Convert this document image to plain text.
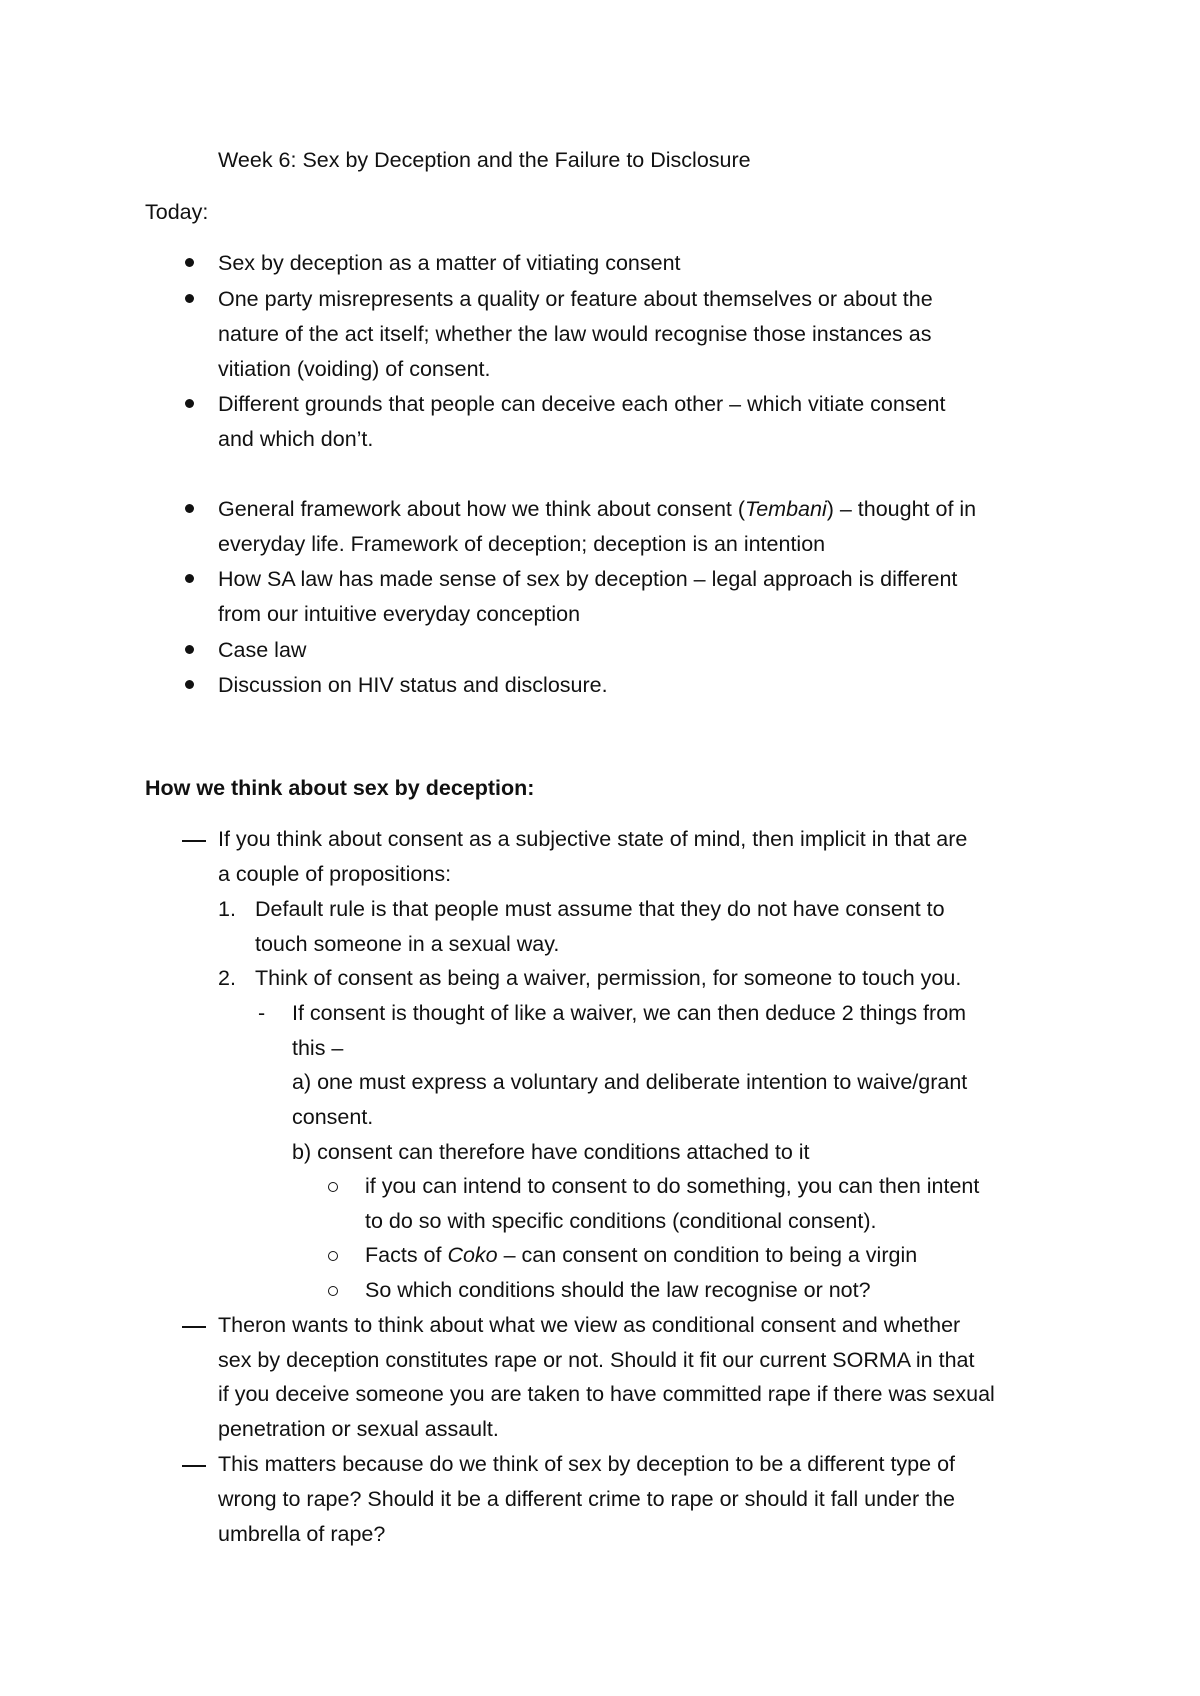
Week 6: Sex by Deception and the Failure to Disclosure
Today:
Sex by deception as a matter of vitiating consent
One party misrepresents a quality or feature about themselves or about the
nature of the act itself; whether the law would recognise those instances as
vitiation (voiding) of consent.
Different grounds that people can deceive each other – which vitiate consent
and which don’t.
General framework about how we think about consent (Tembani) – thought of in
everyday life. Framework of deception; deception is an intention
How SA law has made sense of sex by deception – legal approach is different
from our intuitive everyday conception
Case law
Discussion on HIV status and disclosure.
How we think about sex by deception:
If you think about consent as a subjective state of mind, then implicit in that are
a couple of propositions:
1. Default rule is that people must assume that they do not have consent to
touch someone in a sexual way.
2. Think of consent as being a waiver, permission, for someone to touch you.
- If consent is thought of like a waiver, we can then deduce 2 things from
this –
a) one must express a voluntary and deliberate intention to waive/grant
consent.
b) consent can therefore have conditions attached to it
if you can intend to consent to do something, you can then intent
to do so with specific conditions (conditional consent).
Facts of Coko – can consent on condition to being a virgin
So which conditions should the law recognise or not?
Theron wants to think about what we view as conditional consent and whether
sex by deception constitutes rape or not. Should it fit our current SORMA in that
if you deceive someone you are taken to have committed rape if there was sexual
penetration or sexual assault.
This matters because do we think of sex by deception to be a different type of
wrong to rape? Should it be a different crime to rape or should it fall under the
umbrella of rape?
